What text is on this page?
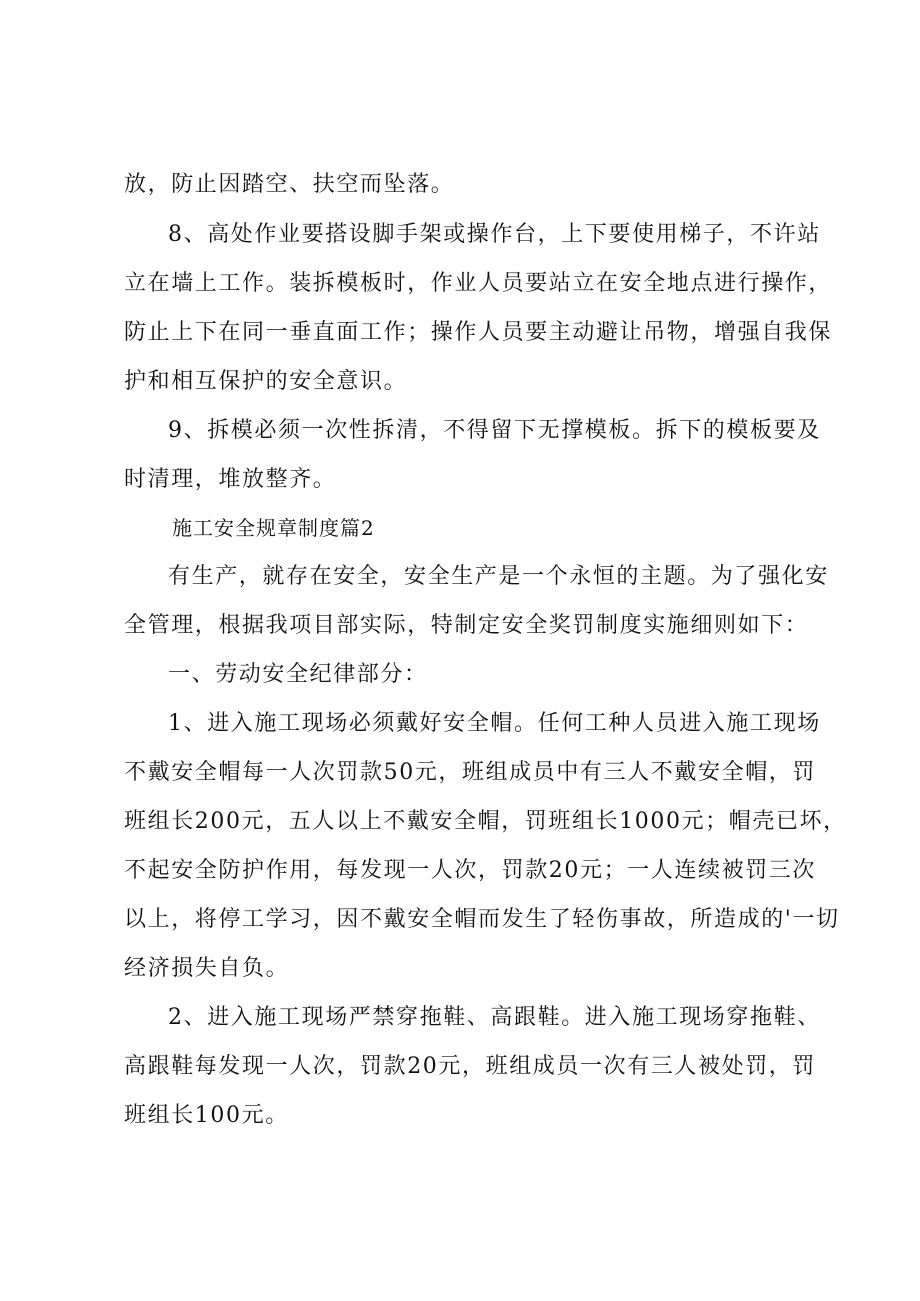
放，防止因踏空、扶空而坠落。
8、高处作业要搭设脚手架或操作台，上下要使用梯子，不许站
立在墙上工作。装拆模板时，作业人员要站立在安全地点进行操作，
防止上下在同一垂直面工作；操作人员要主动避让吊物，增强自我保
护和相互保护的安全意识。
9、拆模必须一次性拆清，不得留下无撑模板。拆下的模板要及
时清理，堆放整齐。
施工安全规章制度篇2
有生产，就存在安全，安全生产是一个永恒的主题。为了强化安
全管理，根据我项目部实际，特制定安全奖罚制度实施细则如下：
一、劳动安全纪律部分：
1、进入施工现场必须戴好安全帽。任何工种人员进入施工现场
不戴安全帽每一人次罚款50元，班组成员中有三人不戴安全帽，罚
班组长200元，五人以上不戴安全帽，罚班组长1000元；帽壳已坏，
不起安全防护作用，每发现一人次，罚款20元；一人连续被罚三次
以上，将停工学习，因不戴安全帽而发生了轻伤事故，所造成的'一切
经济损失自负。
2、进入施工现场严禁穿拖鞋、高跟鞋。进入施工现场穿拖鞋、
高跟鞋每发现一人次，罚款20元，班组成员一次有三人被处罚，罚
班组长100元。
